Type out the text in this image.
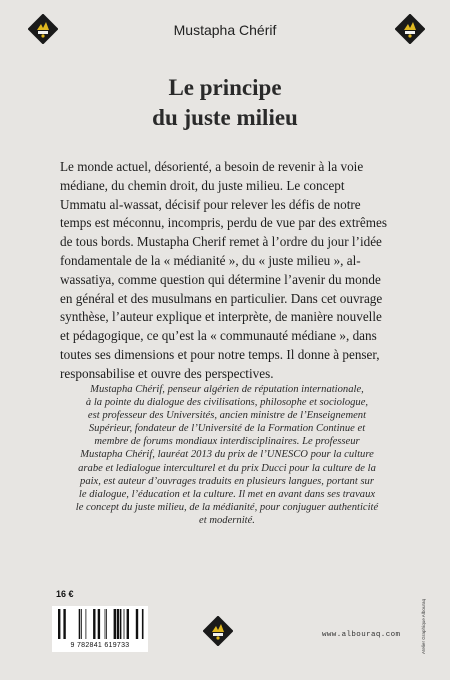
Mustapha Chérif
Le principe
du juste milieu
Le monde actuel, désorienté, a besoin de revenir à la voie
médiane, du chemin droit, du juste milieu. Le concept
Ummatu al-wassat, décisif pour relever les défis de notre
temps est méconnu, incompris, perdu de vue par des extrêmes
de tous bords. Mustapha Cherif remet à l’ordre du jour l’idée
fondamentale de la « médianité », du « juste milieu », al-
wassatiya, comme question qui détermine l’avenir du monde
en général et des musulmans en particulier. Dans cet ouvrage
synthèse, l’auteur explique et interprète, de manière nouvelle
et pédagogique, ce qu’est la « communauté médiane », dans
toutes ses dimensions et pour notre temps. Il donne à penser,
responsabilise et ouvre des perspectives.
Mustapha Chérif, penseur algérien de réputation internationale,
à la pointe du dialogue des civilisations, philosophe et sociologue,
est professeur des Universités, ancien ministre de l’Enseignement
Supérieur, fondateur de l’Université de la Formation Continue et
membre de forums mondiaux interdisciplinaires. Le professeur
Mustapha Chérif, lauréat 2013 du prix de l’UNESCO pour la culture
arabe et ledialogue interculturel et du prix Ducci pour la culture de la
paix, est auteur d’ouvrages traduits en plusieurs langues, portant sur
le dialogue, l’éducation et la culture. Il met en avant dans ses travaux
le concept du juste milieu, de la médianité, pour conjuguer authenticité
et modernité.
16 €
9 782841 619733
www.albouraq.com	Atelier Graphique Albouraq
